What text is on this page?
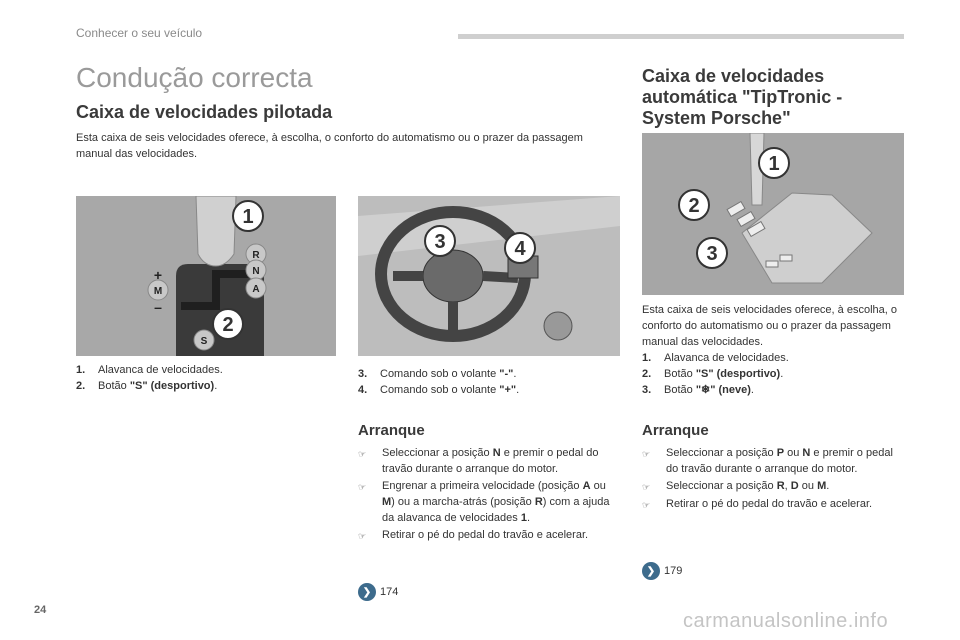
Conhecer o seu veículo
Condução correcta
Caixa de velocidades pilotada

Esta caixa de seis velocidades oferece, à escolha, o conforto do automatismo ou o prazer da passagem manual das velocidades.

1
2
R
N
A
M
S
+
–
3	4
1
2
3
1.	Alavanca de velocidades.
2.	Botão "S" (desportivo).
3.	Comando sob o volante "-".
4.	Comando sob o volante "+".
Arranque
☞	Seleccionar a posição N e premir o pedal do travão durante o arranque do motor.
☞	Engrenar a primeira velocidade (posição A ou M) ou a marcha-atrás (posição R) com a ajuda da alavanca de velocidades 1.
☞	Retirar o pé do pedal do travão e acelerar.
❯ 174
Caixa de velocidades automática "TipTronic - System Porsche"

Esta caixa de seis velocidades oferece, à escolha, o conforto do automatismo ou o prazer da passagem manual das velocidades.

1.	Alavanca de velocidades.
2.	Botão "S" (desportivo).
3.	Botão "❄" (neve).
Arranque
☞	Seleccionar a posição P ou N e premir o pedal do travão durante o arranque do motor.
☞	Seleccionar a posição R, D ou M.
☞	Retirar o pé do pedal do travão e acelerar.
❯ 179
24	carmanualsonline.info
